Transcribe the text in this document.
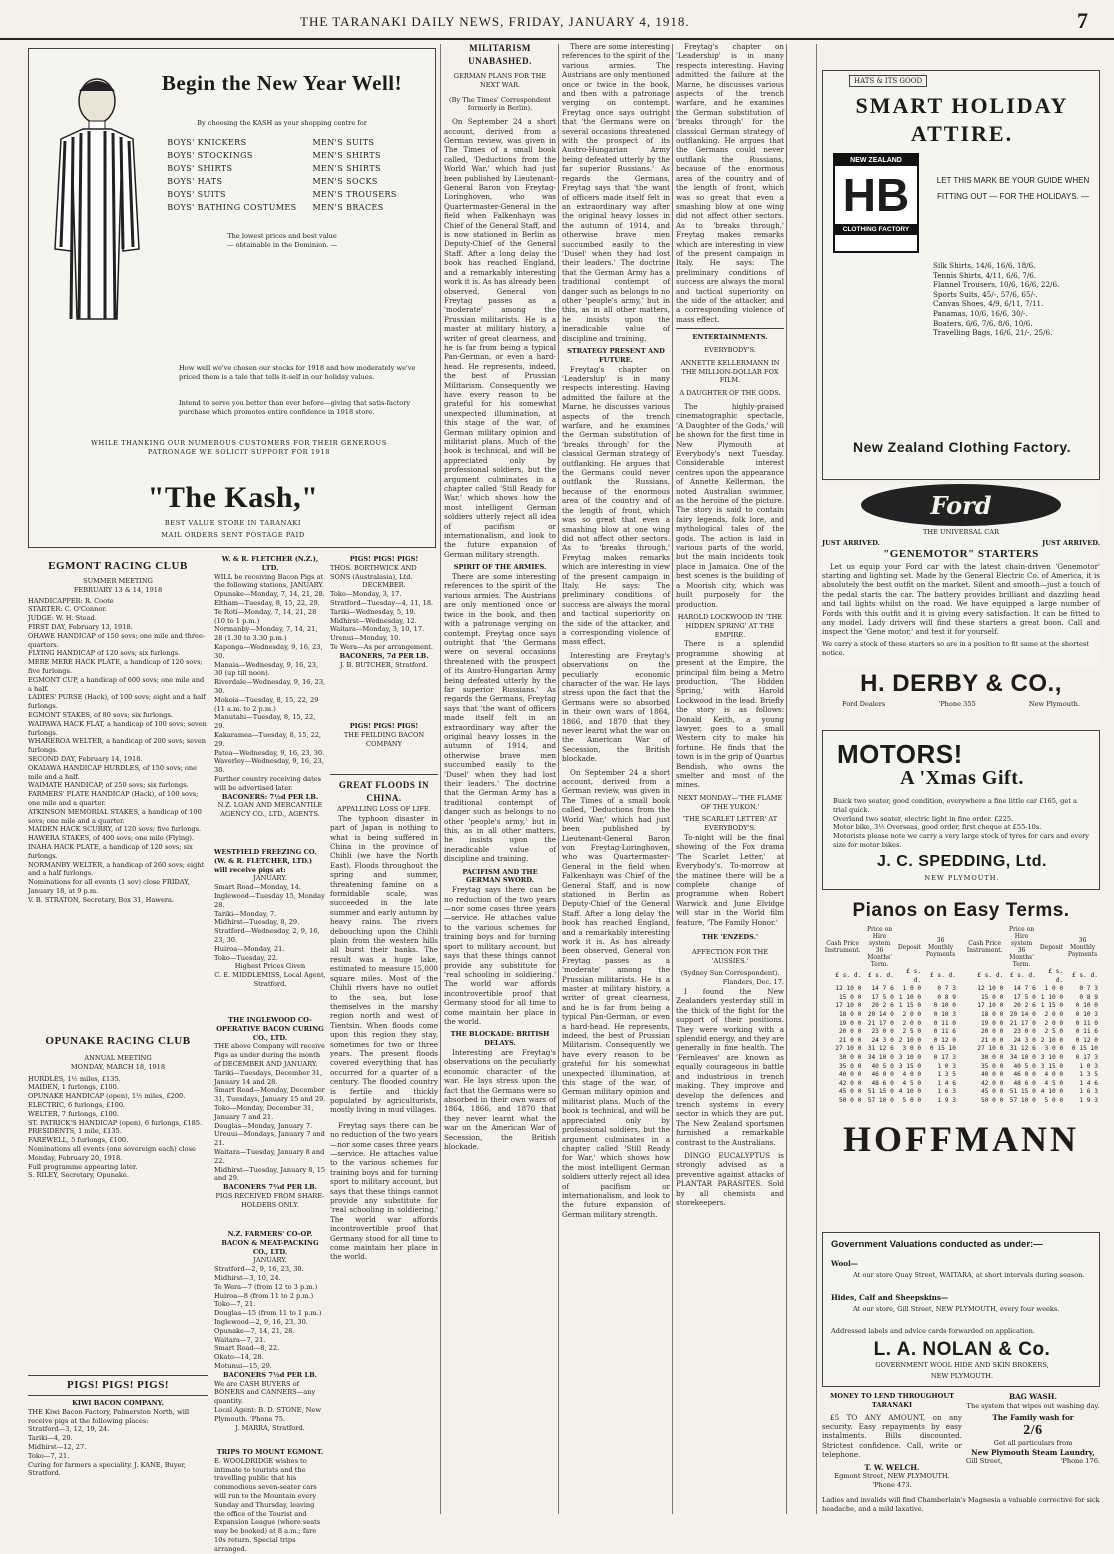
THE TARANAKI DAILY NEWS, FRIDAY, JANUARY 4, 1918.	7
Begin the New Year Well!
By choosing the KASH as your shopping centre for
BOYS' KNICKERS	MEN'S SUITS
BOYS' STOCKINGS	MEN'S SHIRTS
BOYS' SHIRTS	MEN'S SHIRTS
BOYS' HATS	MEN'S SOCKS
BOYS' SUITS	MEN'S TROUSERS
BOYS' BATHING COSTUMES	MEN'S BRACES
The lowest prices and best value
— obtainable in the Dominion. —
How well we've chosen our stocks for 1918 and how moderately we've priced them is a tale that tells it-self in our holiday values.
Intend to serve you better than ever before—giving that satis-factory purchase which promotes entire confidence in 1918 store.
WHILE THANKING OUR NUMEROUS CUSTOMERS FOR THEIR GENEROUS PATRONAGE WE SOLICIT SUPPORT FOR 1918
"The Kash,"
BEST VALUE STORE IN TARANAKI
MAIL ORDERS SENT POSTAGE PAID
EGMONT RACING CLUB
SUMMER MEETING
FEBRUARY 13 & 14, 1918
HANDICAPPER: R. Coote
STARTER: C. O'Connor.
JUDGE: W. H. Stead.
FIRST DAY, February 13, 1918.
OHAWE HANDICAP of 150 sovs; one mile and three-quarters.
FLYING HANDICAP of 120 sovs; six furlongs.
MERE MERE HACK PLATE, a handicap of 120 sovs; five furlongs.
EGMONT CUP, a handicap of 600 sovs; one mile and a half.
LADIES' PURSE (Hack), of 100 sovs; eight and a half furlongs.
EGMONT STAKES, of 80 sovs; six furlongs.
WAIPAWA HACK FLAT, a handicap of 100 sovs; seven furlongs.
WHAREROA WELTER, a handicap of 200 sovs; seven furlongs.
SECOND DAY, February 14, 1918.
OKAIAWA HANDICAP HURDLES, of 150 sovs; one mile and a half.
WAIMATE HANDICAP, of 250 sovs; six furlongs.
FARMERS' PLATE HANDICAP (Hack), of 100 sovs; one mile and a quarter.
ATKINSON MEMORIAL STAKES, a handicap of 100 sovs; one mile and a quarter.
MAIDEN HACK SCURRY, of 120 sovs; five furlongs.
HAWERA STAKES, of 400 sovs; one mile (Flying).
INAHA HACK PLATE, a handicap of 120 sovs; six furlongs.
NORMANBY WELTER, a handicap of 260 sovs; eight and a half furlongs.
Nominations for all events (1 sov) close FRIDAY, January 18, at 9 p.m.
V. B. STRATON, Secretary, Box 31, Hawera.
OPUNAKE RACING CLUB
ANNUAL MEETING
MONDAY, MARCH 18, 1918
HURDLES, 1½ miles, £135.
MAIDEN, 1 furlongs, £100.
OPUNAKE HANDICAP (open), 1½ miles, £200.
ELECTRIC, 6 furlongs, £100.
WELTER, 7 furlongs, £100.
ST. PATRICK'S HANDICAP (open), 6 furlongs, £185.
PRESIDENTS, 1 mile, £135.
FAREWELL, 5 furlongs, £100.
Nominations all events (one sovereign each) close Monday, February 20, 1918.
Full programme appearing later.
S. RILEY, Secretary, Opunake.
PIGS! PIGS! PIGS!
KIWI BACON COMPANY.
THE Kiwi Bacon Factory, Palmerston North, will receive pigs at the following places:
Stratford—3, 12, 19, 24.
Tariki—4, 20.
Midhirst—12, 27.
Toko—7, 21.
Curing for farmers a speciality. J. KANE, Buyer, Stratford.
W. & R. FLETCHER (N.Z.), LTD.
WILL be receiving Bacon Pigs at the following stations, JANUARY.
Opunake—Monday, 7, 14, 21, 28.
Eltham—Tuesday, 8, 15, 22, 29.
Te Roti—Monday, 7, 14, 21, 28 (10 to 1 p.m.)
Normanby—Monday, 7, 14, 21, 28 (1.30 to 3.30 p.m.)
Kaponga—Wednesday, 9, 16, 23, 30.
Manaia—Wednesday, 9, 16, 23, 30 (up till noon).
Riverdale—Wednesday, 9, 16, 23, 30.
Mokoia—Tuesday, 8, 15, 22, 29 (11 a.m. to 2 p.m.)
Manutahi—Tuesday, 8, 15, 22, 29.
Kakaramea—Tuesday, 8, 15, 22, 29.
Patea—Wednesday, 9, 16, 23, 30.
Waverley—Wednesday, 9, 16, 23, 30.
Further country receiving dates will be advertised later.
BACONERS: 7½d PER LB.
N.Z. LOAN AND MERCANTILE AGENCY CO., LTD., AGENTS.
WESTFIELD FREEZING CO. (W. & R. FLETCHER, LTD.) will receive pigs at:
JANUARY.
Smart Road—Monday, 14.
Inglewood—Tuesday 15, Monday 28.
Tariki—Monday, 7.
Midhirst—Tuesday, 8, 29.
Stratford—Wednesday, 2, 9, 16, 23, 30.
Huiroa—Monday, 21.
Toko—Tuesday, 22.
Highest Prices Given
C. E. MIDDLEMISS, Local Agent, Stratford.
THE INGLEWOOD CO-OPERATIVE BACON CURING CO., LTD.
THE above Company will receive Pigs as under during the month of DECEMBER AND JANUARY.
Tariki—Tuesdays, December 31, January 14 and 28.
Smart Road—Monday, December 31, Tuesdays, January 15 and 29.
Toko—Monday, December 31, January 7 and 21.
Douglas—Monday, January 7.
Ureuui—Mondays, January 7 and 21.
Waitara—Tuesday, January 8 and 22.
Midhirst—Tuesday, January 8, 15 and 29.
BACONERS 7¾d PER LB.
PIGS RECEIVED FROM SHARE-HOLDERS ONLY.
N.Z. FARMERS' CO-OP. BACON & MEAT-PACKING CO., LTD.
JANUARY.
Stratford—2, 9, 16, 23, 30.
Midhirst—3, 10, 24.
Te Wera—7 (from 12 to 3 p.m.)
Huiroa—8 (from 11 to 2 p.m.)
Toko—7, 21.
Douglas—15 (from 11 to 1 p.m.)
Inglewood—2, 9, 16, 23, 30.
Opunake—7, 14, 21, 28.
Waitara—7, 21.
Smart Road—8, 22.
Okato—14, 28.
Motunui—15, 29.
BACONERS 7½d PER LB.
We are CASH BUYERS of BONERS and CANNERS—any quantity.
Local Agent: B. D. STONE, New Plymouth. 'Phone 75.
J. MARRA, Stratford.
TRIPS TO MOUNT EGMONT.
E. WOOLDRIDGE wishes to intimate to tourists and the travelling public that his commodious seven-seater cars will run to the Mountain every Sunday and Thursday, leaving the office of the Tourist and Expansion League (where seats may be booked) at 8 a.m.; fare 10s return. Special trips arranged.
PIGS! PIGS! PIGS!
THOS. BORTHWICK AND SONS (Australasia), Ltd.
DECEMBER.
Toko—Monday, 3, 17.
Stratford—Tuesday—4, 11, 18.
Tariki—Wednesday, 5, 19.
Midhirst—Wednesday, 12.
Waitara—Monday, 3, 10, 17.
Urenui—Monday, 10.
Te Wera—As per arrangement.
BACONERS, 7d PER LB.
J. B. BUTCHER, Stratford.
PIGS! PIGS! PIGS!
THE FEILDING BACON COMPANY
GREAT FLOODS IN CHINA.
APPALLING LOSS OF LIFE.
The typhoon disaster in part of Japan is nothing to what is being suffered in China in the province of Chihli (we have the North East). Floods throughout the spring and summer, threatening famine on a formidable scale, was succeeded in the late summer and early autumn by heavy rains. The rivers debouching upon the Chihli plain from the western hills all burst their banks. The result was a huge lake, estimated to measure 15,000 square miles. Most of the Chihli rivers have no outlet to the sea, but lose themselves in the marshy region north and west of Tientsin. When floods come upon this region they stay, sometimes for two or three years. The present floods covered everything that has occurred for a quarter of a century. The flooded country is fertile and thickly populated by agriculturists, mostly living in mud villages.
Freytag says there can be no reduction of the two years—nor some cases three years—service. He attaches value to the various schemes for training boys and for turning sport to military account, but says that these things cannot provide any substitute for 'real schooling in soldiering.' The world war affords incontrovertible proof that Germany stood for all time to come maintain her place in the world.
MILITARISM UNABASHED.
GERMAN PLANS FOR THE NEXT WAR.
(By The Times' Correspondent formerly in Berlin).
On September 24 a short account, derived from a German review, was given in The Times of a small book called, 'Deductions from the World War,' which had just been published by Lieutenant-General Baron von Freytag-Loringhoven, who was Quartermaster-General in the field when Falkenhayn was Chief of the General Staff, and is now stationed in Berlin as Deputy-Chief of the General Staff. After a long delay the book has reached England, and a remarkably interesting work it is. As has already been observed, General von Freytag passes as a 'moderate' among the Prussian militarists. He is a master at military history, a writer of great clearness, and he is far from being a typical Pan-German, or even a hard-head. He represents, indeed, the best of Prussian Militarism. Consequently we have every reason to be grateful for his somewhat unexpected illumination, at this stage of the war, of German military opinion and militarist plans. Much of the book is technical, and will be appreciated only by professional soldiers, but the argument culminates in a chapter called 'Still Ready for War,' which shows how the most intelligent German soldiers utterly reject all idea of pacifism or internationalism, and look to the future expansion of German military strength.
SPIRIT OF THE ARMIES.
There are some interesting references to the spirit of the various armies. The Austrians are only mentioned once or twice in the book, and then with a patronage verging on contempt. Freytag once says outright that 'the Germans were on several occasions threatened with the prospect of its Austro-Hungarian Army being defeated utterly by the far superior Russians.' As regards the Germans, Freytag says that 'the want of officers made itself felt in an extraordinary way after the original heavy losses in the autumn of 1914, and otherwise brave men succumbed easily to the 'Dusel' when they had lost their leaders.' The doctrine that the German Army has a traditional contempt of danger such as belongs to no other 'people's army,' but in this, as in all other matters, he insists upon the ineradicable value of discipline and training.
PACIFISM AND THE GERMAN SWORD.
Freytag says there can be no reduction of the two years—nor some cases three years—service. He attaches value to the various schemes for training boys and for turning sport to military account, but says that these things cannot provide any substitute for 'real schooling in soldiering.' The world war affords incontrovertible proof that Germany stood for all time to come maintain her place in the world.
THE BLOCKADE: BRITISH DELAYS.
Interesting are Freytag's observations on the peculiarly economic character of the war. He lays stress upon the fact that the Germans were so absorbed in their own wars of 1864, 1866, and 1870 that they never learnt what the war on the American War of Secession, the British blockade.
There are some interesting references to the spirit of the various armies. The Austrians are only mentioned once or twice in the book, and then with a patronage verging on contempt. Freytag once says outright that 'the Germans were on several occasions threatened with the prospect of its Austro-Hungarian Army being defeated utterly by the far superior Russians.' As regards the Germans, Freytag says that 'the want of officers made itself felt in an extraordinary way after the original heavy losses in the autumn of 1914, and otherwise brave men succumbed easily to the 'Dusel' when they had lost their leaders.' The doctrine that the German Army has a traditional contempt of danger such as belongs to no other 'people's army,' but in this, as in all other matters, he insists upon the ineradicable value of discipline and training.
STRATEGY PRESENT AND FUTURE.
Freytag's chapter on 'Leadership' is in many respects interesting. Having admitted the failure at the Marne, he discusses various aspects of the trench warfare, and he examines the German substitution of 'breaks through' for the classical German strategy of outflanking. He argues that the Germans could never outflank the Russians, because of the enormous area of the country and of the length of front, which was so great that even a smashing blow at one wing did not affect other sectors. As to 'breaks through,' Freytag makes remarks which are interesting in view of the present campaign in Italy. He says: The preliminary conditions of success are always the moral and tactical superiority on the side of the attacker, and a corresponding violence of mass effect.
Interesting are Freytag's observations on the peculiarly economic character of the war. He lays stress upon the fact that the Germans were so absorbed in their own wars of 1864, 1866, and 1870 that they never learnt what the war on the American War of Secession, the British blockade.
On September 24 a short account, derived from a German review, was given in The Times of a small book called, 'Deductions from the World War,' which had just been published by Lieutenant-General Baron von Freytag-Loringhoven, who was Quartermaster-General in the field when Falkenhayn was Chief of the General Staff, and is now stationed in Berlin as Deputy-Chief of the General Staff. After a long delay the book has reached England, and a remarkably interesting work it is. As has already been observed, General von Freytag passes as a 'moderate' among the Prussian militarists. He is a master at military history, a writer of great clearness, and he is far from being a typical Pan-German, or even a hard-head. He represents, indeed, the best of Prussian Militarism. Consequently we have every reason to be grateful for his somewhat unexpected illumination, at this stage of the war, of German military opinion and militarist plans. Much of the book is technical, and will be appreciated only by professional soldiers, but the argument culminates in a chapter called 'Still Ready for War,' which shows how the most intelligent German soldiers utterly reject all idea of pacifism or internationalism, and look to the future expansion of German military strength.
Freytag's chapter on 'Leadership' is in many respects interesting. Having admitted the failure at the Marne, he discusses various aspects of the trench warfare, and he examines the German substitution of 'breaks through' for the classical German strategy of outflanking. He argues that the Germans could never outflank the Russians, because of the enormous area of the country and of the length of front, which was so great that even a smashing blow at one wing did not affect other sectors. As to 'breaks through,' Freytag makes remarks which are interesting in view of the present campaign in Italy. He says: The preliminary conditions of success are always the moral and tactical superiority on the side of the attacker, and a corresponding violence of mass effect.
ENTERTAINMENTS.
EVERYBODY'S.
ANNETTE KELLERMANN IN THE MILLION-DOLLAR FOX FILM.
A DAUGHTER OF THE GODS.
The highly-praised cinematographic spectacle, 'A Daughter of the Gods,' will be shown for the first time in New Plymouth at Everybody's next Tuesday. Considerable interest centres upon the appearance of Annette Kellerman, the noted Australian swimmer, as the heroine of the picture. The story is said to contain fairy legends, folk lore, and mythological tales of the gods. The action is laid in various parts of the world, but the main incidents took place in Jamaica. One of the best scenes is the building of a Moorish city, which was built purposely for the production.
HAROLD LOCKWOOD IN 'THE HIDDEN SPRING' AT THE EMPIRE.
There is a splendid programme showing at present at the Empire, the principal film being a Metro production, 'The Hidden Spring,' with Harold Lockwood in the lead. Briefly the story is as follows: Donald Keith, a young lawyer, goes to a small Western city to make his fortune. He finds that the town is in the grip of Quartus Bendish, who owns the smelter and most of the mines.
NEXT MONDAY—'THE FLAME OF THE YUKON.'
'THE SCARLET LETTER' AT EVERYBODY'S.
To-night will be the final showing of the Fox drama 'The Scarlet Letter,' at Everybody's. To-morrow at the matinee there will be a complete change of programme when Robert Warwick and June Elvidge will star in the World film feature, 'The Family Honor.'
THE 'ENZEDS.'
AFFECTION FOR THE 'AUSSIES.'
(Sydney Sun Correspondent).
Flanders, Dec. 17.
I found the New Zealanders yesterday still in the thick of the fight for the support of their positions. They were working with a splendid energy, and they are generally in fine health. The 'Fernleaves' are known as equally courageous in battle and industrious in trench making. They improve and develop the defences and trench systems in every sector in which they are put. The New Zealand sportsmen furnished a remarkable contrast to the Australians.
DINGO EUCALYPTUS is strongly advised as a preventive against attacks of PLANTAR PARASITES. Sold by all chemists and storekeepers.
HATS & ITS GOOD
SMART HOLIDAY
ATTIRE.
NEW ZEALAND
HB
CLOTHING FACTORY
LET THIS MARK BE YOUR GUIDE WHEN FITTING OUT — FOR THE HOLIDAYS. —
Silk Shirts, 14/6, 16/6, 18/6.
Tennis Shirts, 4/11, 6/6, 7/6.
Flannel Trousers, 10/6, 16/6, 22/6.
Sports Suits, 45/-, 57/6, 65/-.
Canvas Shoes, 4/9, 6/11, 7/11.
Panamas, 10/6, 16/6, 30/-.
Boaters, 6/6, 7/6, 8/6, 10/6.
Travelling Bags, 16/6, 21/-, 25/6.
New Zealand Clothing Factory.
Ford
THE UNIVERSAL CAR
JUST ARRIVED.	JUST ARRIVED.
"GENEMOTOR" STARTERS
Let us equip your Ford car with the latest chain-driven 'Genemotor' starting and lighting set. Made by the General Electric Co. of America, it is absolutely the best outfit on the market. Silent and smooth—just a touch of the pedal starts the car. The battery provides brilliant and dazzling head and tail lights whilst on the road. We have equipped a large number of Fords with this outfit and it is giving every satisfaction. It can be fitted to any model. Lady drivers will find these starters a great boon. Call and inspect the 'Gene motor,' and test it for yourself.
We carry a stock of these starters so are in a position to fit same at the shortest notice.
H. DERBY & CO.,
Ford Dealers	'Phone 355	New Plymouth.
MOTORS!
A 'Xmas Gift.
Buick two seater, good condition, everywhere a fine little car £165, get a trial quick.
Overland two seater, electric light in fine order. £225.
Motor bike, 3½ Overseas, good order, first cheque at £55-10s.
Motorists please note we carry a very large stock of tyres for cars and every size for motor bikes.
J. C. SPEDDING, Ltd.
NEW PLYMOUTH.
Pianos on Easy Terms.
Cash Price Instrument.	Price on Hire system 36 Months' Term.	Deposit	36 Monthly Payments
£ s. d.	£ s. d.	£ s. d.	£ s. d.
12 10 0	14 7 6	1 0 0	0 7 3
15 0 0	17 5 0	1 10 0	0 8 9
17 10 0	20 2 6	1 15 0	0 10 0
18 0 0	20 14 0	2 0 0	0 10 3
19 0 0	21 17 0	2 0 0	0 11 0
20 0 0	23 0 0	2 5 0	0 11 6
21 0 0	24 3 0	2 10 0	0 12 0
27 10 0	31 12 6	3 0 0	0 15 10
30 0 0	34 10 0	3 10 0	0 17 3
35 0 0	40 5 0	3 15 0	1 0 3
40 0 0	46 0 0	4 0 0	1 3 5
42 0 0	48 6 0	4 5 0	1 4 6
45 0 0	51 15 0	4 10 0	1 6 3
50 0 0	57 10 0	5 0 0	1 9 3
Cash Price Instrument.	Price on Hire system 36 Months' Term.	Deposit	36 Monthly Payments
£ s. d.	£ s. d.	£ s. d.	£ s. d.
12 10 0	14 7 6	1 0 0	0 7 3
15 0 0	17 5 0	1 10 0	0 8 9
17 10 0	20 2 6	1 15 0	0 10 0
18 0 0	20 14 0	2 0 0	0 10 3
19 0 0	21 17 0	2 0 0	0 11 0
20 0 0	23 0 0	2 5 0	0 11 6
21 0 0	24 3 0	2 10 0	0 12 0
27 10 0	31 12 6	3 0 0	0 15 10
30 0 0	34 10 0	3 10 0	0 17 3
35 0 0	40 5 0	3 15 0	1 0 3
40 0 0	46 0 0	4 0 0	1 3 5
42 0 0	48 6 0	4 5 0	1 4 6
45 0 0	51 15 0	4 10 0	1 6 3
50 0 0	57 10 0	5 0 0	1 9 3
HOFFMANN
Government Valuations conducted as under:—
Wool—
At our store Quay Street, WAITARA, at short intervals during season.
Hides, Calf and Sheepskins—
At our store, Gill Street, NEW PLYMOUTH, every four weeks.
Addressed labels and advice cards forwarded on application.
L. A. NOLAN & Co.
GOVERNMENT WOOL HIDE AND SKIN BROKERS,
NEW PLYMOUTH.
MONEY TO LEND THROUGHOUT TARANAKI
£5 TO ANY AMOUNT, on any security. Easy repayments by easy instalments. Bills discounted. Strictest confidence. Call, write or telephone.
T. W. WELCH.
Egmont Street, NEW PLYMOUTH.
'Phone 473.
BAG WASH.
The system that wipes out washing day.
The Family wash for
2/6
Get all particulars from
New Plymouth Steam Laundry,
Gill Street,	'Phone 176.
Ladies and invalids will find Chamberlain's Magnesia a valuable corrective for sick headache, and a mild laxative.
